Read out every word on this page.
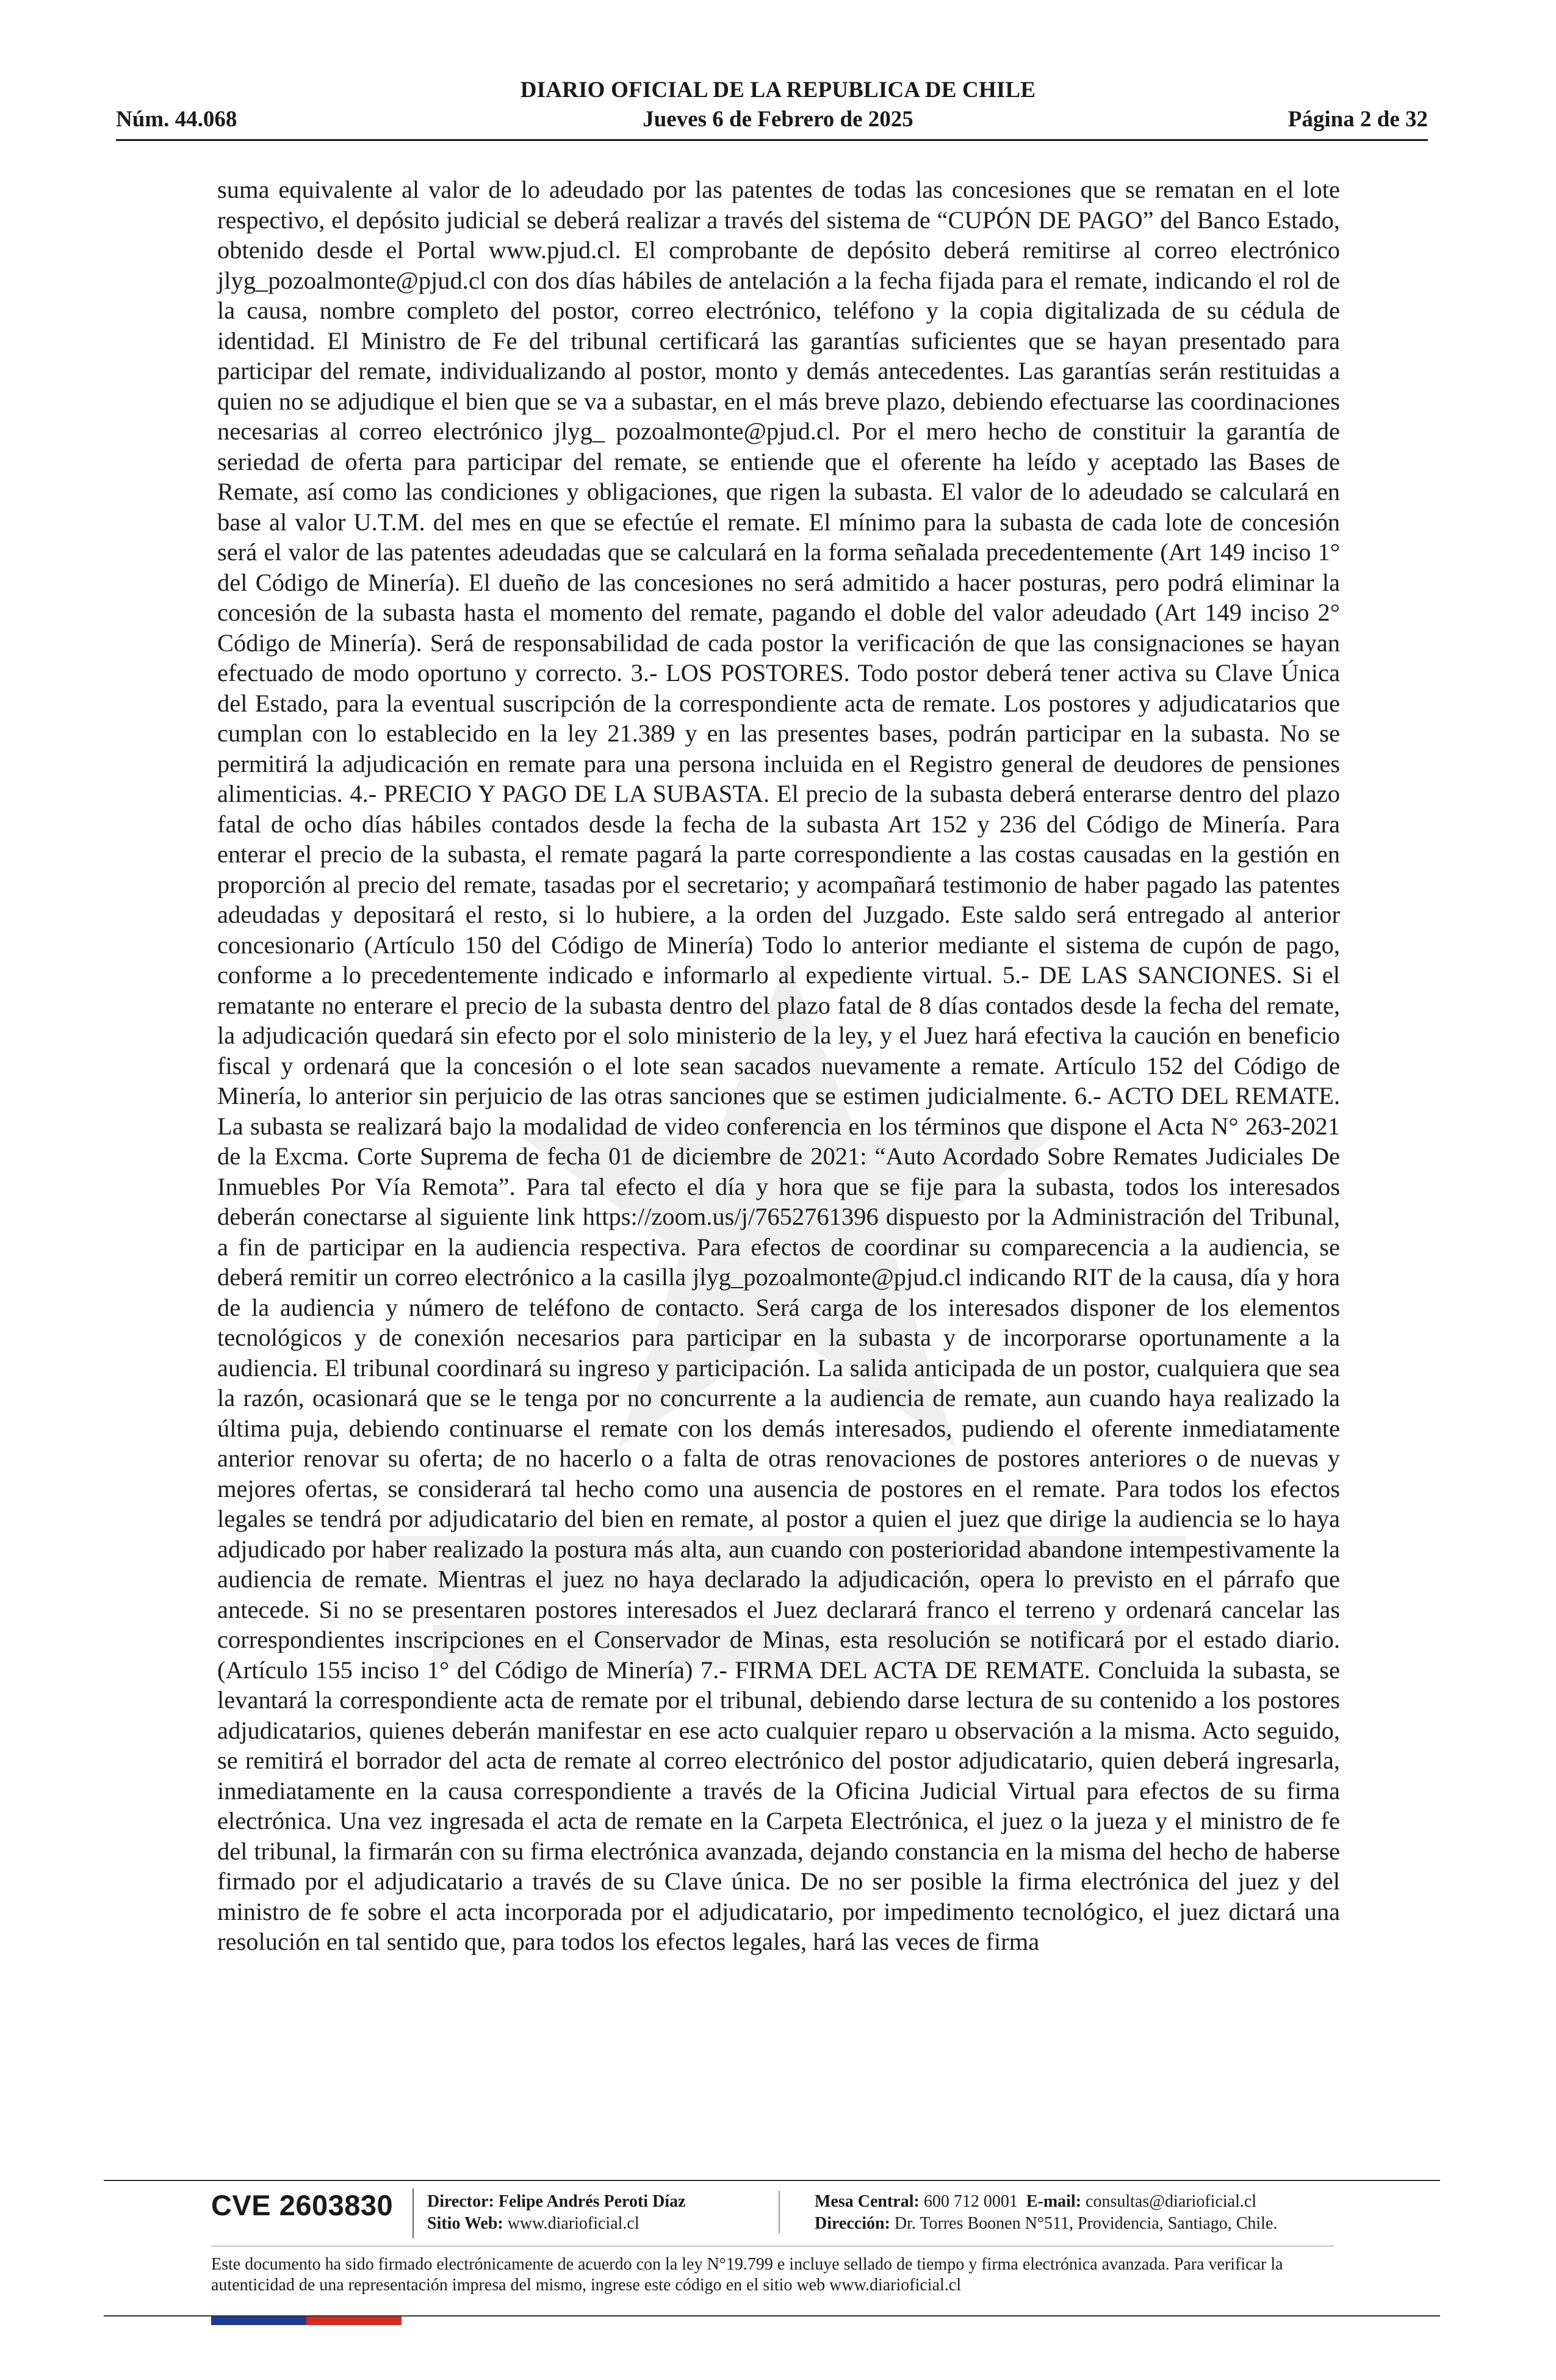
DIARIO OFICIAL DE LA REPUBLICA DE CHILE
Núm. 44.068	Jueves 6 de Febrero de 2025	Página 2 de 32

suma equivalente al valor de lo adeudado por las patentes de todas las concesiones que se rematan en el lote respectivo, el depósito judicial se deberá realizar a través del sistema de “CUPÓN DE PAGO” del Banco Estado, obtenido desde el Portal www.pjud.cl. El comprobante de depósito deberá remitirse al correo electrónico jlyg_pozoalmonte@pjud.cl con dos días hábiles de antelación a la fecha fijada para el remate, indicando el rol de la causa, nombre completo del postor, correo electrónico, teléfono y la copia digitalizada de su cédula de identidad. El Ministro de Fe del tribunal certificará las garantías suficientes que se hayan presentado para participar del remate, individualizando al postor, monto y demás antecedentes. Las garantías serán restituidas a quien no se adjudique el bien que se va a subastar, en el más breve plazo, debiendo efectuarse las coordinaciones necesarias al correo electrónico jlyg_ pozoalmonte@pjud.cl. Por el mero hecho de constituir la garantía de seriedad de oferta para participar del remate, se entiende que el oferente ha leído y aceptado las Bases de Remate, así como las condiciones y obligaciones, que rigen la subasta. El valor de lo adeudado se calculará en base al valor U.T.M. del mes en que se efectúe el remate. El mínimo para la subasta de cada lote de concesión será el valor de las patentes adeudadas que se calculará en la forma señalada precedentemente (Art 149 inciso 1° del Código de Minería). El dueño de las concesiones no será admitido a hacer posturas, pero podrá eliminar la concesión de la subasta hasta el momento del remate, pagando el doble del valor adeudado (Art 149 inciso 2° Código de Minería). Será de responsabilidad de cada postor la verificación de que las consignaciones se hayan efectuado de modo oportuno y correcto. 3.- LOS POSTORES. Todo postor deberá tener activa su Clave Única del Estado, para la eventual suscripción de la correspondiente acta de remate. Los postores y adjudicatarios que cumplan con lo establecido en la ley 21.389 y en las presentes bases, podrán participar en la subasta. No se permitirá la adjudicación en remate para una persona incluida en el Registro general de deudores de pensiones alimenticias. 4.- PRECIO Y PAGO DE LA SUBASTA. El precio de la subasta deberá enterarse dentro del plazo fatal de ocho días hábiles contados desde la fecha de la subasta Art 152 y 236 del Código de Minería. Para enterar el precio de la subasta, el remate pagará la parte correspondiente a las costas causadas en la gestión en proporción al precio del remate, tasadas por el secretario; y acompañará testimonio de haber pagado las patentes adeudadas y depositará el resto, si lo hubiere, a la orden del Juzgado. Este saldo será entregado al anterior concesionario (Artículo 150 del Código de Minería) Todo lo anterior mediante el sistema de cupón de pago, conforme a lo precedentemente indicado e informarlo al expediente virtual. 5.- DE LAS SANCIONES. Si el rematante no enterare el precio de la subasta dentro del plazo fatal de 8 días contados desde la fecha del remate, la adjudicación quedará sin efecto por el solo ministerio de la ley, y el Juez hará efectiva la caución en beneficio fiscal y ordenará que la concesión o el lote sean sacados nuevamente a remate. Artículo 152 del Código de Minería, lo anterior sin perjuicio de las otras sanciones que se estimen judicialmente. 6.- ACTO DEL REMATE. La subasta se realizará bajo la modalidad de video conferencia en los términos que dispone el Acta N° 263-2021 de la Excma. Corte Suprema de fecha 01 de diciembre de 2021: “Auto Acordado Sobre Remates Judiciales De Inmuebles Por Vía Remota”. Para tal efecto el día y hora que se fije para la subasta, todos los interesados deberán conectarse al siguiente link https://zoom.us/j/7652761396 dispuesto por la Administración del Tribunal, a fin de participar en la audiencia respectiva. Para efectos de coordinar su comparecencia a la audiencia, se deberá remitir un correo electrónico a la casilla jlyg_pozoalmonte@pjud.cl indicando RIT de la causa, día y hora de la audiencia y número de teléfono de contacto. Será carga de los interesados disponer de los elementos tecnológicos y de conexión necesarios para participar en la subasta y de incorporarse oportunamente a la audiencia. El tribunal coordinará su ingreso y participación. La salida anticipada de un postor, cualquiera que sea la razón, ocasionará que se le tenga por no concurrente a la audiencia de remate, aun cuando haya realizado la última puja, debiendo continuarse el remate con los demás interesados, pudiendo el oferente inmediatamente anterior renovar su oferta; de no hacerlo o a falta de otras renovaciones de postores anteriores o de nuevas y mejores ofertas, se considerará tal hecho como una ausencia de postores en el remate. Para todos los efectos legales se tendrá por adjudicatario del bien en remate, al postor a quien el juez que dirige la audiencia se lo haya adjudicado por haber realizado la postura más alta, aun cuando con posterioridad abandone intempestivamente la audiencia de remate. Mientras el juez no haya declarado la adjudicación, opera lo previsto en el párrafo que antecede. Si no se presentaren postores interesados el Juez declarará franco el terreno y ordenará cancelar las correspondientes inscripciones en el Conservador de Minas, esta resolución se notificará por el estado diario. (Artículo 155 inciso 1° del Código de Minería) 7.- FIRMA DEL ACTA DE REMATE. Concluida la subasta, se levantará la correspondiente acta de remate por el tribunal, debiendo darse lectura de su contenido a los postores adjudicatarios, quienes deberán manifestar en ese acto cualquier reparo u observación a la misma. Acto seguido, se remitirá el borrador del acta de remate al correo electrónico del postor adjudicatario, quien deberá ingresarla, inmediatamente en la causa correspondiente a través de la Oficina Judicial Virtual para efectos de su firma electrónica. Una vez ingresada el acta de remate en la Carpeta Electrónica, el juez o la jueza y el ministro de fe del tribunal, la firmarán con su firma electrónica avanzada, dejando constancia en la misma del hecho de haberse firmado por el adjudicatario a través de su Clave única. De no ser posible la firma electrónica del juez y del ministro de fe sobre el acta incorporada por el adjudicatario, por impedimento tecnológico, el juez dictará una resolución en tal sentido que, para todos los efectos legales, hará las veces de firma

CVE 2603830 Director: Felipe Andrés Peroti Díaz
Sitio Web: www.diarioficial.cl
Mesa Central: 600 712 0001 E-mail: consultas@diarioficial.cl
Dirección: Dr. Torres Boonen N°511, Providencia, Santiago, Chile.
Este documento ha sido firmado electrónicamente de acuerdo con la ley N°19.799 e incluye sellado de tiempo y firma electrónica avanzada. Para verificar la autenticidad de una representación impresa del mismo, ingrese este código en el sitio web www.diarioficial.cl
